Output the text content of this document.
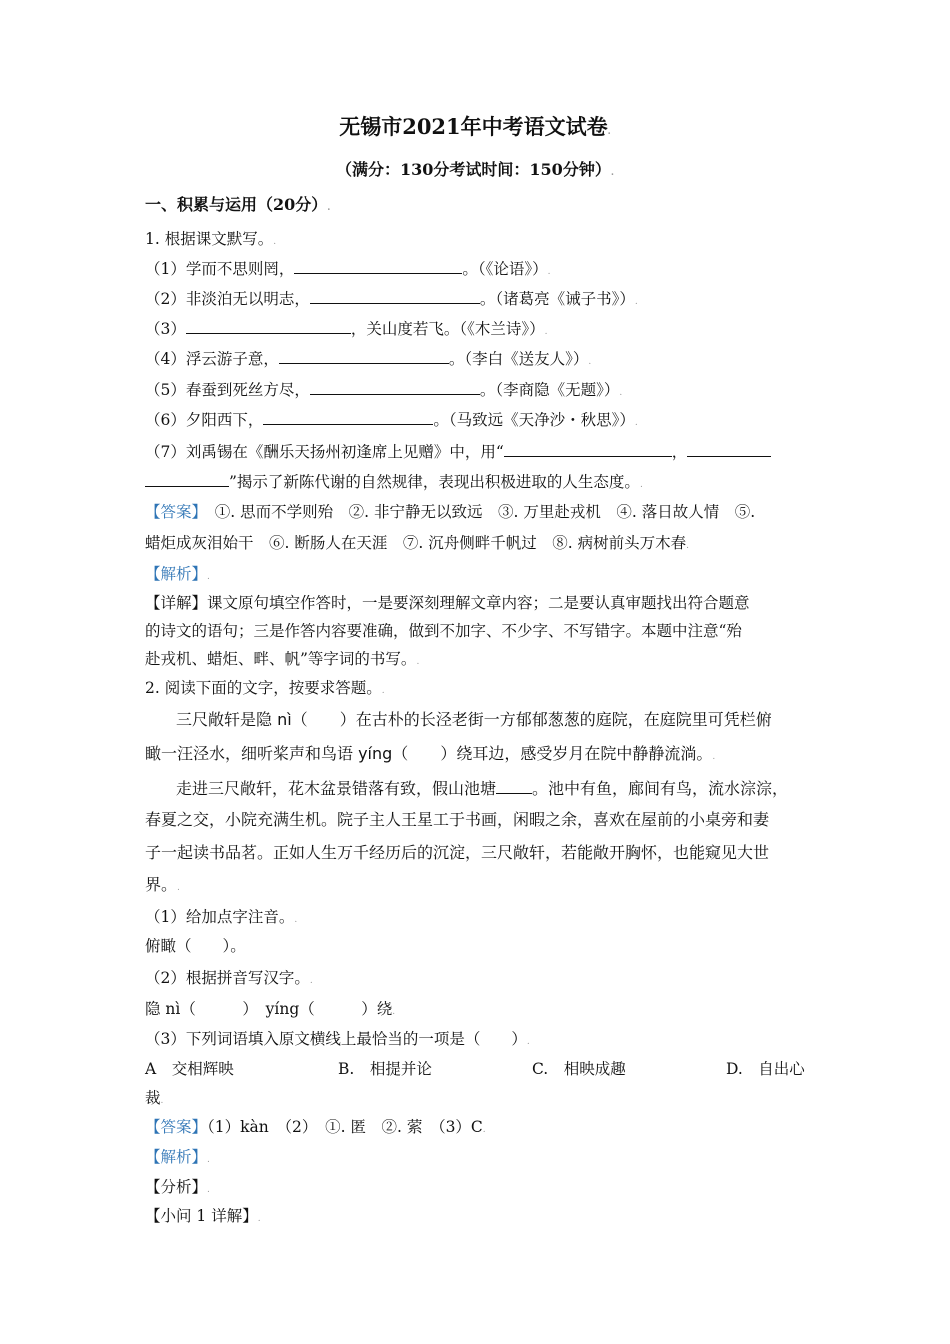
无锡市2021年中考语文试卷.
（满分：130分考试时间：150分钟）.
一、积累与运用（20分）.
1. 根据课文默写。.
（1）学而不思则罔，	。（《论语》）.
（2）非淡泊无以明志，	。（诸葛亮《诫子书》）.
（3）	，关山度若飞。（《木兰诗》）.
（4）浮云游子意，	。（李白《送友人》）.
（5）春蚕到死丝方尽，	。（李商隐《无题》）.
（6）夕阳西下，	。（马致远《天净沙・秋思》）.
（7）刘禹锡在《酬乐天扬州初逢席上见赠》中，用“	，
”揭示了新陈代谢的自然规律，表现出积极进取的人生态度。.
【答案】　 ①. 思而不学则殆　②. 非宁静无以致远　③. 万里赴戎机　④. 落日故人情　⑤.
蜡炬成灰泪始干　⑥. 断肠人在天涯　⑦. 沉舟侧畔千帆过　⑧. 病树前头万木春.
【解析】.
【详解】课文原句填空作答时，一是要深刻理解文章内容；二是要认真审题找出符合题意
的诗文的语句；三是作答内容要准确，做到不加字、不少字、不写错字。本题中注意“殆
赴戎机、蜡炬、畔、帆”等字词的书写。.
2. 阅读下面的文字，按要求答题。.
三尺敞轩是隐 nì（ ）在古朴的长泾老街一方郁郁葱葱的庭院，在庭院里可凭栏俯
瞰一汪泾水，细听桨声和鸟语 yíng（ ）绕耳边，感受岁月在院中静静流淌。.
走进三尺敞轩，花木盆景错落有致，假山池塘 。池中有鱼，廊间有鸟，流水淙淙，
春夏之交，小院充满生机。院子主人王星工于书画，闲暇之余，喜欢在屋前的小桌旁和妻
子一起读书品茗。正如人生万千经历后的沉淀，三尺敞轩，若能敞开胸怀，也能窥见大世
界。.
（1）给加点字注音。.
俯瞰（　　）。
（2）根据拼音写汉字。.
隐 nì（　　　）　yíng（　　　）绕.
（3）下列词语填入原文横线上最恰当的一项是（　　）.
A　交相辉映	B.　相提并论	C.　相映成趣	D.　自出心
裁.
【答案】（1）kàn　（2）　①. 匿　②. 萦　（3）C.
【解析】.
【分析】.
【小问 1 详解】.
